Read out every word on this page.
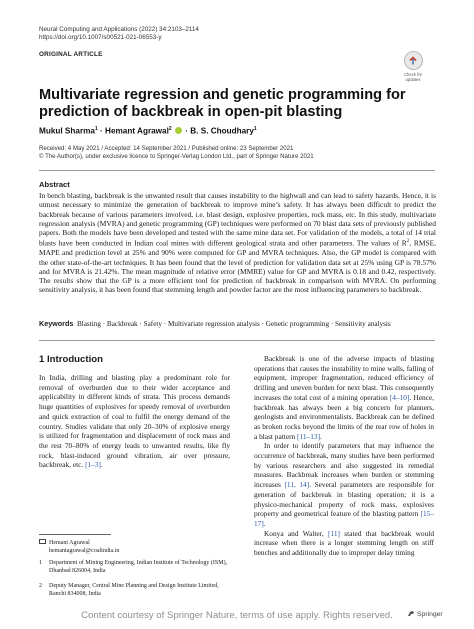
Neural Computing and Applications (2022) 34:2103–2114
https://doi.org/10.1007/s00521-021-06553-y
ORIGINAL ARTICLE
Check for
updates
Multivariate regression and genetic programming for prediction of backbreak in open-pit blasting
Mukul Sharma$^1$ · Hemant Agrawal$^2$  · B. S. Choudhary$^1$
Received: 4 May 2021 / Accepted: 14 September 2021 / Published online: 23 September 2021
© The Author(s), under exclusive licence to Springer-Verlag London Ltd., part of Springer Nature 2021
Abstract
In bench blasting, backbreak is the unwanted result that causes instability to the highwall and can lead to safety hazards. Hence, it is utmost necessary to minimize the generation of backbreak to improve mine’s safety. It has always been difficult to predict the backbreak because of various parameters involved, i.e. blast design, explosive properties, rock mass, etc. In this study, multivariate regression analysis (MVRA) and genetic programming (GP) techniques were performed on 70 blast data sets of previously published papers. Both the models have been developed and tested with the same mine data set. For validation of the models, a total of 14 trial blasts have been conducted in Indian coal mines with different geological strata and other parameters. The values of $R^2$, RMSE, MAPE and prediction level at 25% and 90% were computed for GP and MVRA techniques. Also, the GP model is compared with the other state-of-the-art techniques. It has been found that the level of prediction for validation data set at 25% using GP is 78.57% and for MVRA is 21.42%. The mean magnitude of relative error (MMRE) value for GP and MVRA is 0.18 and 0.42, respectively. The results show that the GP is a more efficient tool for prediction of backbreak in comparison with MVRA. On performing sensitivity analysis, it has been found that stemming length and powder factor are the most influencing parameters to backbreak.
Keywords Blasting · Backbreak · Safety · Multivariate regression analysis · Genetic programming · Sensitivity analysis
1 Introduction

In India, drilling and blasting play a predominant role for removal of overburden due to their wider acceptance and applicability in different kinds of strata. This process demands huge quantities of explosives for speedy removal of overburden and quick extraction of coal to fulfil the energy demand of the country. Studies validate that only 20–30% of explosive energy is utilized for fragmentation and displacement of rock mass and the rest 70–80% of energy leads to unwanted results, like fly rock, blast-induced ground vibration, air over pressure, backbreak, etc. [1–3].

Backbreak is one of the adverse impacts of blasting operations that causes the instability to mine walls, falling of equipment, improper fragmentation, reduced efficiency of drilling and uneven burden for next blast. This consequently increases the total cost of a mining operation [4–10]. Hence, backbreak has always been a big concern for planners, geologists and environmentalists. Backbreak can be defined as broken rocks beyond the limits of the rear row of holes in a blast pattern [11–13].

In order to identify parameters that may influence the occurrence of backbreak, many studies have been performed by various researchers and also suggested its remedial measures. Backbreak increases when burden or stemming increases [11, 14]. Several parameters are responsible for generation of backbreak in blasting operation; it is a physico-mechanical property of rock mass, explosives property and geometrical feature of the blasting pattern [15–17].

Konya and Walter, [11] stated that backbreak would increase when there is a longer stemming length on stiff benches and additionally due to improper delay timing

Hemant Agrawal
hemantagrawal@coalindia.in
1 Department of Mining Engineering, Indian Institute of Technology (ISM), Dhanbad 826004, India
2 Deputy Manager, Central Mine Planning and Design Institute Limited, Ranchi 834008, India
Springer
Content courtesy of Springer Nature, terms of use apply. Rights reserved.
